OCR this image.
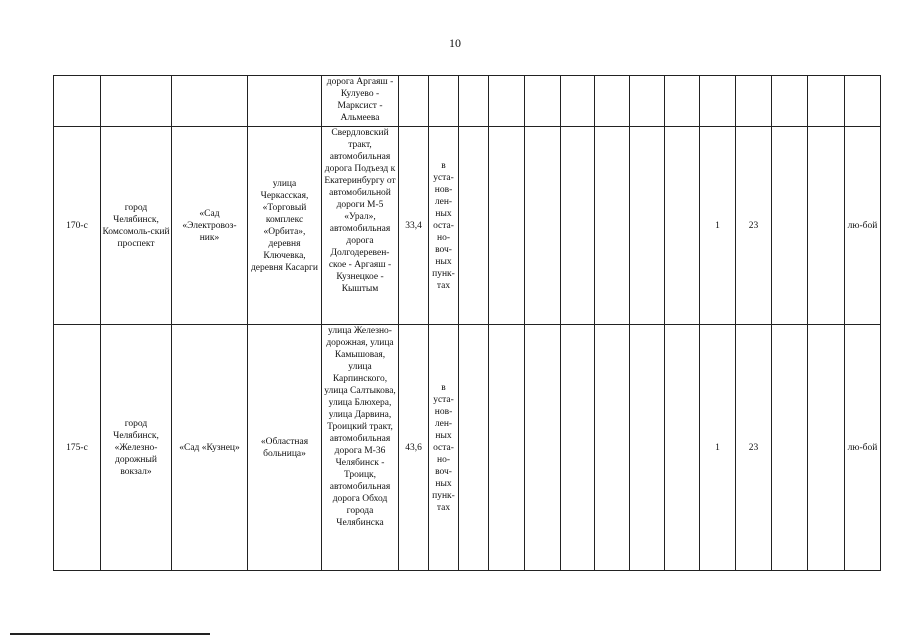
10
				дорога Аргаяш - Кулуево - Марксист - Альмеева														
170-с	город Челябинск, Комсомоль-ский проспект	«Сад «Электровоз-ник»	улица Черкасская, «Торговый комплекс «Орбита», деревня Ключевка, деревня Касарги	Свердловский тракт, автомобильная дорога Подъезд к Екатеринбургу от автомобильной дороги М-5 «Урал», автомобильная дорога Долгодеревен-ское - Аргаяш - Кузнецкое - Кыштым	33,4	в уста-нов-лен-ных оста-но-воч-ных пунк-тах								1	23			лю-бой
175-с	город Челябинск, «Железно-дорожный вокзал»	«Сад «Кузнец»	«Областная больница»	улица Железно-дорожная, улица Камышовая, улица Карпинского, улица Салтыкова, улица Блюхера, улица Дарвина, Троицкий тракт, автомобильная дорога М-36 Челябинск - Троицк, автомобильная дорога Обход города Челябинска	43,6	в уста-нов-лен-ных оста-но-воч-ных пунк-тах								1	23			лю-бой
